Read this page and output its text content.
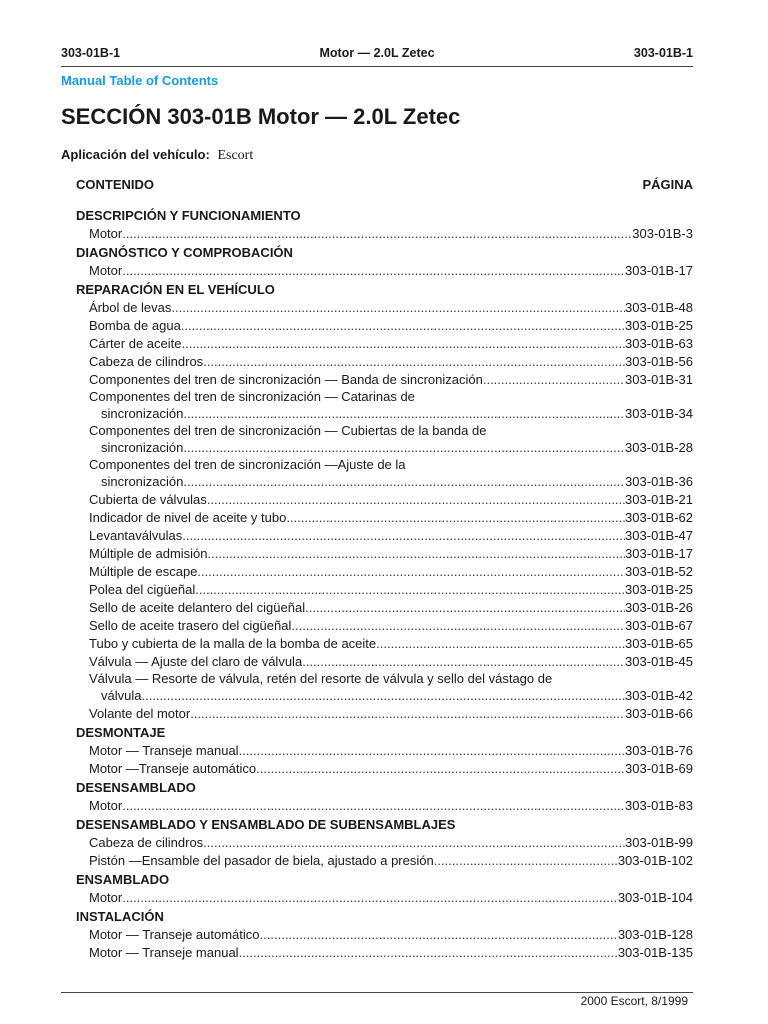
303-01B-1	Motor — 2.0L Zetec	303-01B-1
Manual Table of Contents
SECCIÓN 303-01B Motor — 2.0L Zetec
Aplicación del vehículo: Escort
CONTENIDO	PÁGINA
DESCRIPCIÓN Y FUNCIONAMIENTO
Motor .....	303-01B-3
DIAGNÓSTICO Y COMPROBACIÓN
Motor .....	303-01B-17
REPARACIÓN EN EL VEHÍCULO
Árbol de levas .....	303-01B-48
Bomba de agua .....	303-01B-25
Cárter de aceite .....	303-01B-63
Cabeza de cilindros .....	303-01B-56
Componentes del tren de sincronización — Banda de sincronización .....	303-01B-31
Componentes del tren de sincronización — Catarinas de
sincronización .....	303-01B-34
Componentes del tren de sincronización — Cubiertas de la banda de
sincronización .....	303-01B-28
Componentes del tren de sincronización —Ajuste de la
sincronización .....	303-01B-36
Cubierta de válvulas .....	303-01B-21
Indicador de nivel de aceite y tubo .....	303-01B-62
Levantaválvulas .....	303-01B-47
Múltiple de admisión .....	303-01B-17
Múltiple de escape .....	303-01B-52
Polea del cigüeñal .....	303-01B-25
Sello de aceite delantero del cigüeñal .....	303-01B-26
Sello de aceite trasero del cigüeñal .....	303-01B-67
Tubo y cubierta de la malla de la bomba de aceite .....	303-01B-65
Válvula — Ajuste del claro de válvula .....	303-01B-45
Válvula — Resorte de válvula, retén del resorte de válvula y sello del vástago de
válvula .....	303-01B-42
Volante del motor .....	303-01B-66
DESMONTAJE
Motor — Transeje manual .....	303-01B-76
Motor —Transeje automático .....	303-01B-69
DESENSAMBLADO
Motor .....	303-01B-83
DESENSAMBLADO Y ENSAMBLADO DE SUBENSAMBLAJES
Cabeza de cilindros .....	303-01B-99
Pistón —Ensamble del pasador de biela, ajustado a presión .....	303-01B-102
ENSAMBLADO
Motor .....	303-01B-104
INSTALACIÓN
Motor — Transeje automático .....	303-01B-128
Motor — Transeje manual .....	303-01B-135
2000 Escort, 8/1999
